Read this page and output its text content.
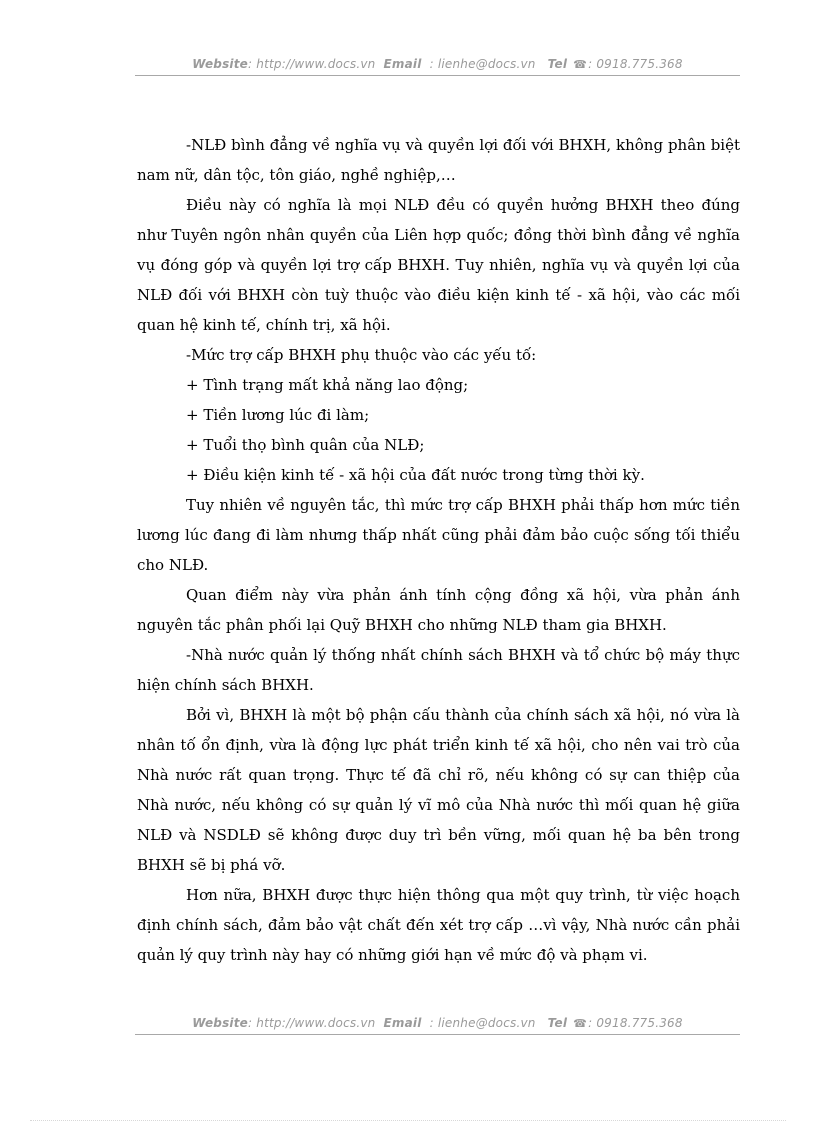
Website: http://www.docs.vn Email : lienhe@docs.vn Tel ☎: 0918.775.368

-NLĐ bình đẳng về nghĩa vụ và quyền lợi đối với BHXH, không phân biệt nam nữ, dân tộc, tôn giáo, nghề nghiệp,…

Điều này có nghĩa là mọi NLĐ đều có quyền hưởng BHXH theo đúng như Tuyên ngôn nhân quyền của Liên hợp quốc; đồng thời bình đẳng về nghĩa vụ đóng góp và quyền lợi trợ cấp BHXH. Tuy nhiên, nghĩa vụ và quyền lợi của NLĐ đối với BHXH còn tuỳ thuộc vào điều kiện kinh tế - xã hội, vào các mối quan hệ kinh tế, chính trị, xã hội.

-Mức trợ cấp BHXH phụ thuộc vào các yếu tố:

+ Tình trạng mất khả năng lao động;

+ Tiền lương lúc đi làm;

+ Tuổi thọ bình quân của NLĐ;

+ Điều kiện kinh tế - xã hội của đất nước trong từng thời kỳ.

Tuy nhiên về nguyên tắc, thì mức trợ cấp BHXH phải thấp hơn mức tiền lương lúc đang đi làm nhưng thấp nhất cũng phải đảm bảo cuộc sống tối thiểu cho NLĐ.

Quan điểm này vừa phản ánh tính cộng đồng xã hội, vừa phản ánh nguyên tắc phân phối lại Quỹ BHXH cho những NLĐ tham gia BHXH.

-Nhà nước quản lý thống nhất chính sách BHXH và tổ chức bộ máy thực hiện chính sách BHXH.

Bởi vì, BHXH là một bộ phận cấu thành của chính sách xã hội, nó vừa là nhân tố ổn định, vừa là động lực phát triển kinh tế xã hội, cho nên vai trò của Nhà nước rất quan trọng. Thực tế đã chỉ rõ, nếu không có sự can thiệp của Nhà nước, nếu không có sự quản lý vĩ mô của Nhà nước thì mối quan hệ giữa NLĐ và NSDLĐ sẽ không được duy trì bền vững, mối quan hệ ba bên trong BHXH sẽ bị phá vỡ.

Hơn nữa, BHXH được thực hiện thông qua một quy trình, từ việc hoạch định chính sách, đảm bảo vật chất đến xét trợ cấp …vì vậy, Nhà nước cần phải quản lý quy trình này hay có những giới hạn về mức độ và phạm vi.

Website: http://www.docs.vn Email : lienhe@docs.vn Tel ☎: 0918.775.368
